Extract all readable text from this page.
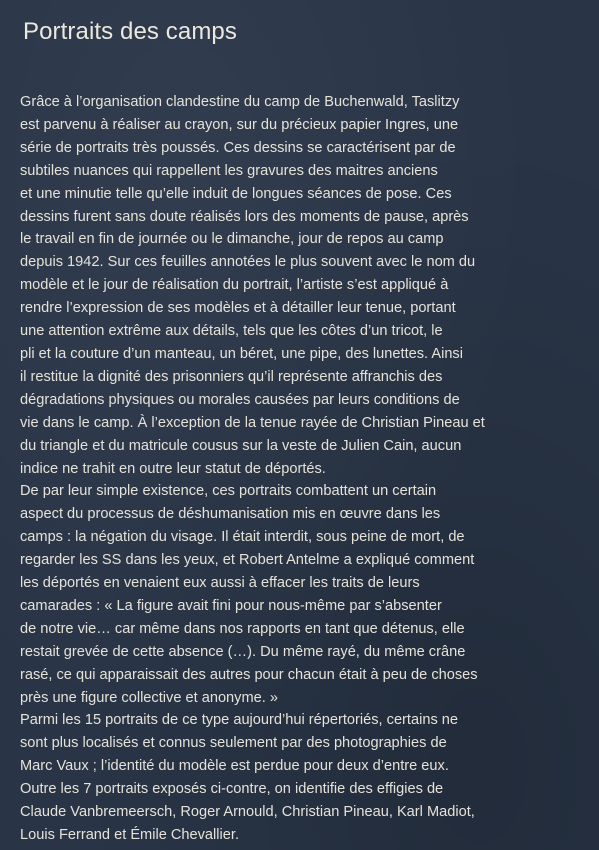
Portraits des camps
Grâce à l’organisation clandestine du camp de Buchenwald, Taslitzy
est parvenu à réaliser au crayon, sur du précieux papier Ingres, une
série de portraits très poussés. Ces dessins se caractérisent par de
subtiles nuances qui rappellent les gravures des maitres anciens
et une minutie telle qu’elle induit de longues séances de pose. Ces
dessins furent sans doute réalisés lors des moments de pause, après
le travail en fin de journée ou le dimanche, jour de repos au camp
depuis 1942. Sur ces feuilles annotées le plus souvent avec le nom du
modèle et le jour de réalisation du portrait, l’artiste s’est appliqué à
rendre l’expression de ses modèles et à détailler leur tenue, portant
une attention extrême aux détails, tels que les côtes d’un tricot, le
pli et la couture d’un manteau, un béret, une pipe, des lunettes. Ainsi
il restitue la dignité des prisonniers qu’il représente affranchis des
dégradations physiques ou morales causées par leurs conditions de
vie dans le camp. À l’exception de la tenue rayée de Christian Pineau et
du triangle et du matricule cousus sur la veste de Julien Cain, aucun
indice ne trahit en outre leur statut de déportés.
De par leur simple existence, ces portraits combattent un certain
aspect du processus de déshumanisation mis en œuvre dans les
camps : la négation du visage. Il était interdit, sous peine de mort, de
regarder les SS dans les yeux, et Robert Antelme a expliqué comment
les déportés en venaient eux aussi à effacer les traits de leurs
camarades : « La figure avait fini pour nous-même par s’absenter
de notre vie… car même dans nos rapports en tant que détenus, elle
restait grevée de cette absence (…). Du même rayé, du même crâne
rasé, ce qui apparaissait des autres pour chacun était à peu de choses
près une figure collective et anonyme. »
Parmi les 15 portraits de ce type aujourd’hui répertoriés, certains ne
sont plus localisés et connus seulement par des photographies de
Marc Vaux ; l’identité du modèle est perdue pour deux d’entre eux.
Outre les 7 portraits exposés ci-contre, on identifie des effigies de
Claude Vanbremeersch, Roger Arnould, Christian Pineau, Karl Madiot,
Louis Ferrand et Émile Chevallier.
